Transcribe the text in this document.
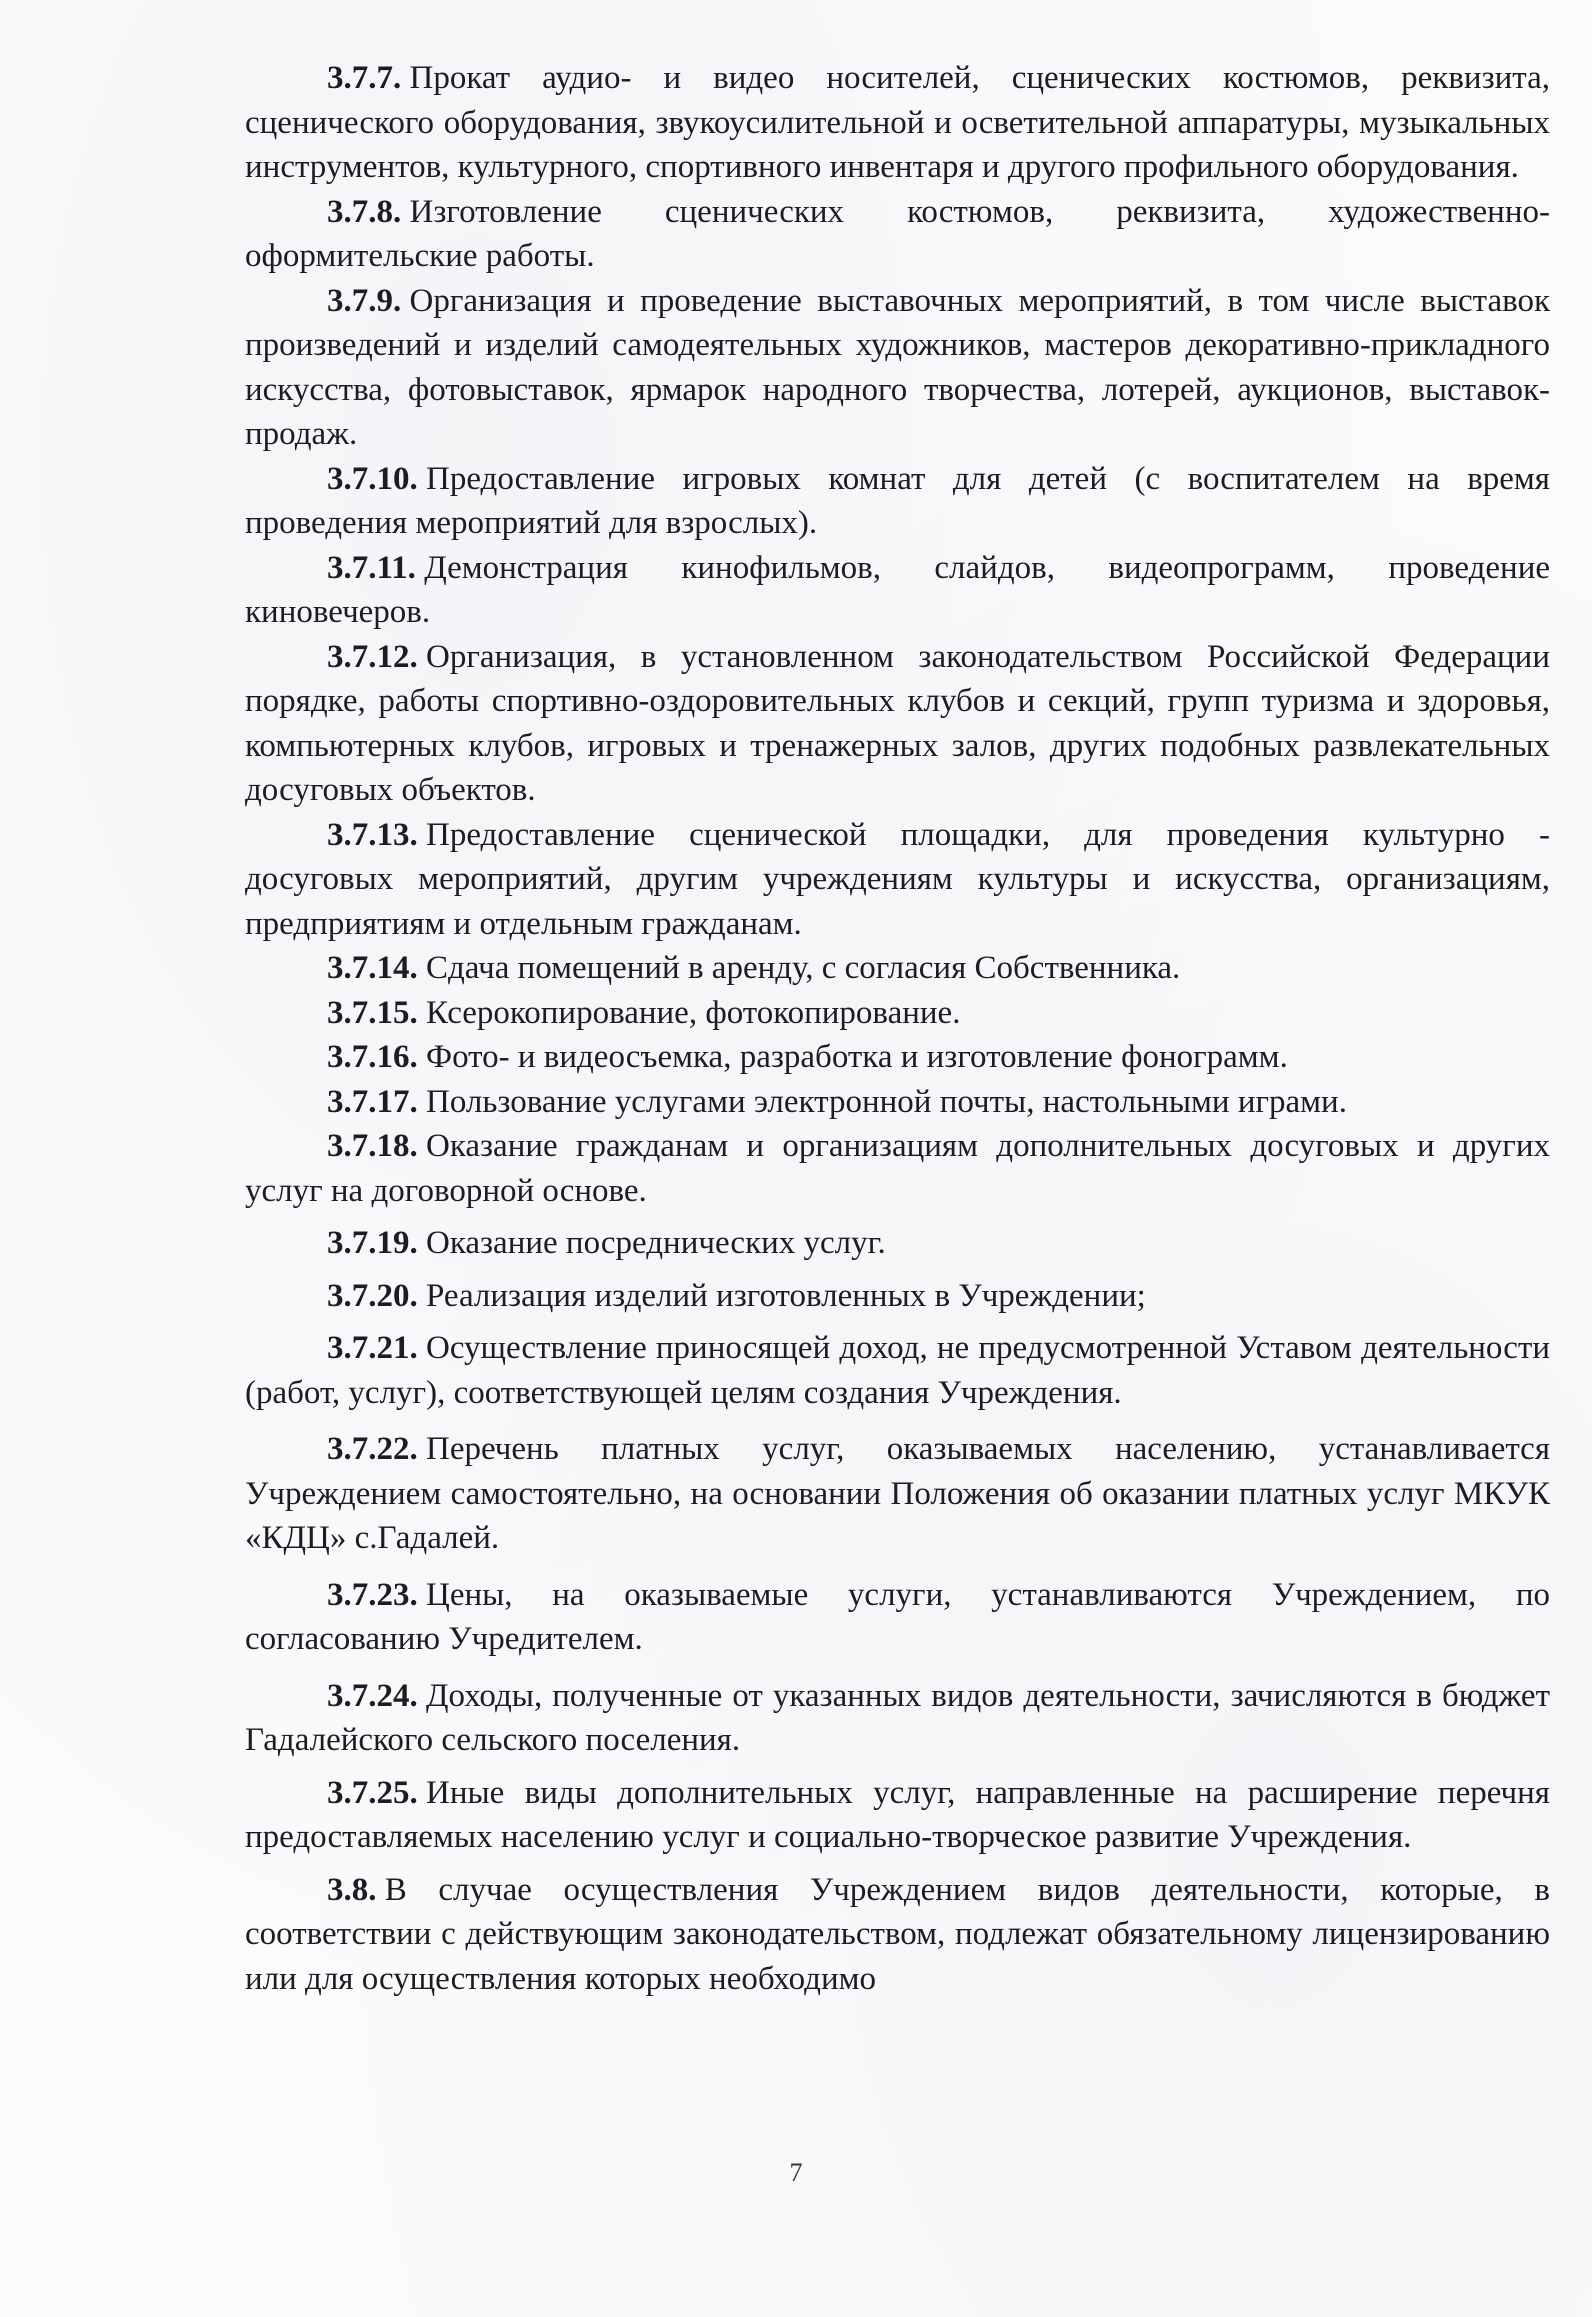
3.7.7. Прокат аудио- и видео носителей, сценических костюмов, реквизита, сценического оборудования, звукоусилительной и осветительной аппаратуры, музыкальных инструментов, культурного, спортивного инвентаря и другого профильного оборудования.

3.7.8. Изготовление сценических костюмов, реквизита, художественно-оформительские работы.

3.7.9. Организация и проведение выставочных мероприятий, в том числе выставок произведений и изделий самодеятельных художников, мастеров декоративно-прикладного искусства, фотовыставок, ярмарок народного творчества, лотерей, аукционов, выставок-продаж.

3.7.10. Предоставление игровых комнат для детей (с воспитателем на время проведения мероприятий для взрослых).

3.7.11. Демонстрация кинофильмов, слайдов, видеопрограмм, проведение киновечеров.

3.7.12. Организация, в установленном законодательством Российской Федерации порядке, работы спортивно-оздоровительных клубов и секций, групп туризма и здоровья, компьютерных клубов, игровых и тренажерных залов, других подобных развлекательных досуговых объектов.

3.7.13. Предоставление сценической площадки, для проведения культурно - досуговых мероприятий, другим учреждениям культуры и искусства, организациям, предприятиям и отдельным гражданам.

3.7.14. Сдача помещений в аренду, с согласия Собственника.

3.7.15. Ксерокопирование, фотокопирование.

3.7.16. Фото- и видеосъемка, разработка и изготовление фонограмм.

3.7.17. Пользование услугами электронной почты, настольными играми.

3.7.18. Оказание гражданам и организациям дополнительных досуговых и других услуг на договорной основе.

3.7.19. Оказание посреднических услуг.

3.7.20. Реализация изделий изготовленных в Учреждении;

3.7.21. Осуществление приносящей доход, не предусмотренной Уставом деятельности (работ, услуг), соответствующей целям создания Учреждения.

3.7.22. Перечень платных услуг, оказываемых населению, устанавливается Учреждением самостоятельно, на основании Положения об оказании платных услуг МКУК «КДЦ» с.Гадалей.

3.7.23. Цены, на оказываемые услуги, устанавливаются Учреждением, по согласованию Учредителем.

3.7.24. Доходы, полученные от указанных видов деятельности, зачисляются в бюджет Гадалейского сельского поселения.

3.7.25. Иные виды дополнительных услуг, направленные на расширение перечня предоставляемых населению услуг и социально-творческое развитие Учреждения.

3.8. В случае осуществления Учреждением видов деятельности, которые, в соответствии с действующим законодательством, подлежат обязательному лицензированию или для осуществления которых необходимо

7
